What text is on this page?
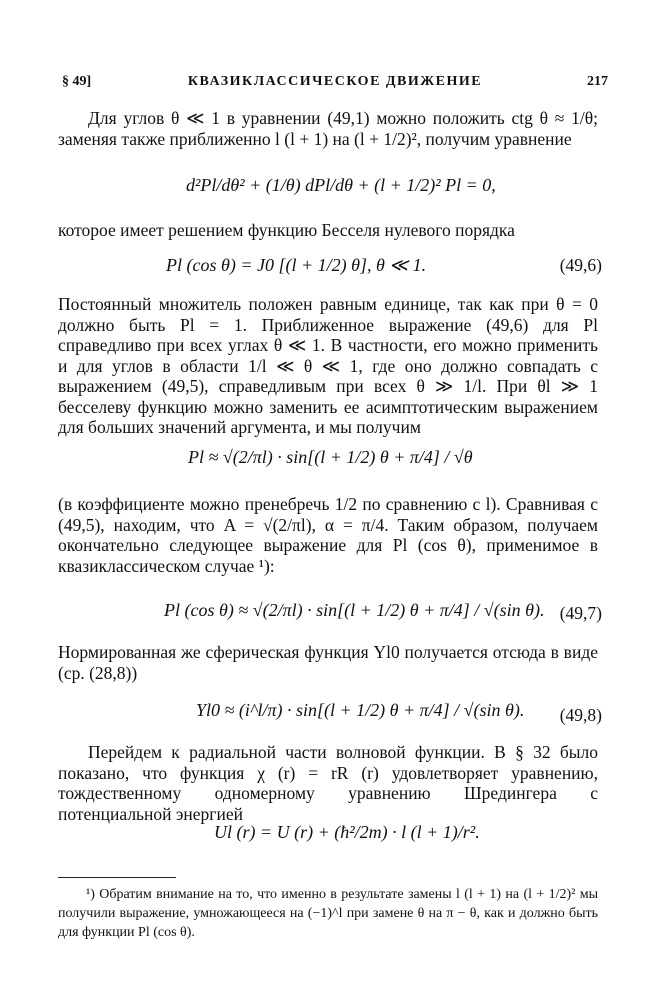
§ 49]	КВАЗИКЛАССИЧЕСКОЕ ДВИЖЕНИЕ	217
Для углов θ ≪ 1 в уравнении (49,1) можно положить ctg θ ≈ 1/θ; заменяя также приближенно l (l + 1) на (l + 1/2)², получим уравнение
d²Pl/dθ² + (1/θ) dPl/dθ + (l + 1/2)² Pl = 0,
которое имеет решением функцию Бесселя нулевого порядка
Pl (cos θ) = J0 [(l + 1/2) θ], θ ≪ 1.	(49,6)
Постоянный множитель положен равным единице, так как при θ = 0 должно быть Pl = 1. Приближенное выражение (49,6) для Pl справедливо при всех углах θ ≪ 1. В частности, его можно применить и для углов в области 1/l ≪ θ ≪ 1, где оно должно совпадать с выражением (49,5), справедливым при всех θ ≫ 1/l. При θl ≫ 1 бесселеву функцию можно заменить ее асимптотическим выражением для больших значений аргумента, и мы получим
Pl ≈ √(2/πl) · sin[(l + 1/2) θ + π/4] / √θ
(в коэффициенте можно пренебречь 1/2 по сравнению с l). Сравнивая с (49,5), находим, что A = √(2/πl), α = π/4. Таким образом, получаем окончательно следующее выражение для Pl (cos θ), применимое в квазиклассическом случае ¹):
Pl (cos θ) ≈ √(2/πl) · sin[(l + 1/2) θ + π/4] / √(sin θ). (49,7)
Нормированная же сферическая функция Yl0 получается отсюда в виде (ср. (28,8))
Yl0 ≈ (i^l/π) · sin[(l + 1/2) θ + π/4] / √(sin θ). (49,8)
Перейдем к радиальной части волновой функции. В § 32 было показано, что функция χ (r) = rR (r) удовлетворяет уравнению, тождественному одномерному уравнению Шредингера с потенциальной энергией
Ul (r) = U (r) + (ħ²/2m) · l (l + 1)/r².
¹) Обратим внимание на то, что именно в результате замены l (l + 1) на (l + 1/2)² мы получили выражение, умножающееся на (−1)^l при замене θ на π − θ, как и должно быть для функции Pl (cos θ).
